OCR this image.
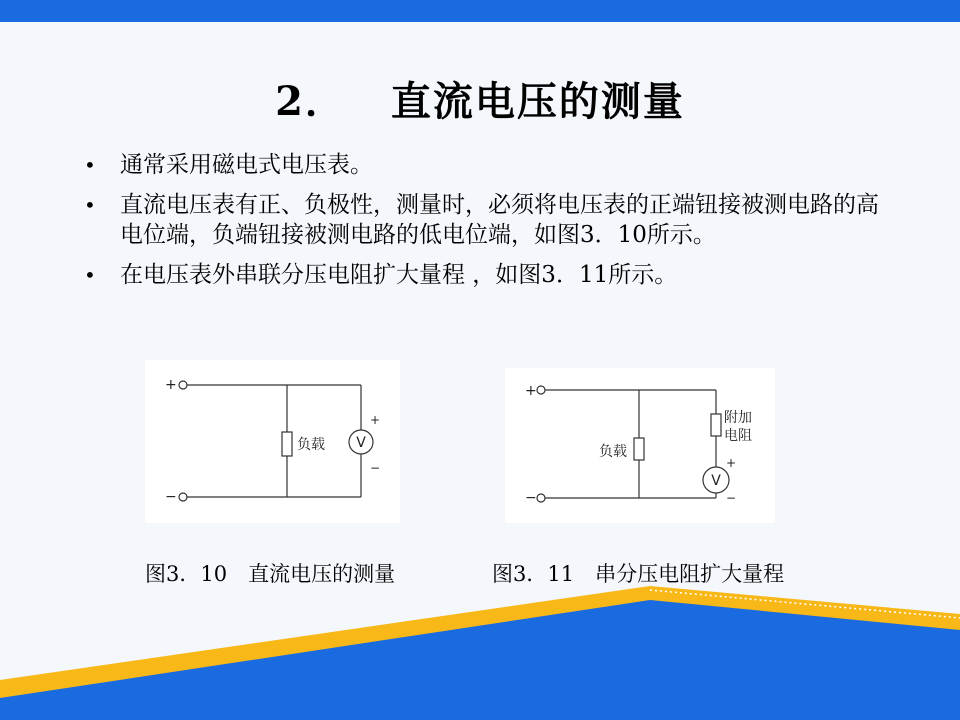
2． 直流电压的测量
• 通常采用磁电式电压表。
• 直流电压表有正、负极性，测量时，必须将电压表的正端钮接被测电路的高电位端，负端钮接被测电路的低电位端，如图3．10所示。
• 在电压表外串联分压电阻扩大量程 ，如图3．11所示。
+
−
负载 V
+
−
+
−
负载
附加
电阻
V
+
−
图3．10　直流电压的测量	图3．11　串分压电阻扩大量程
